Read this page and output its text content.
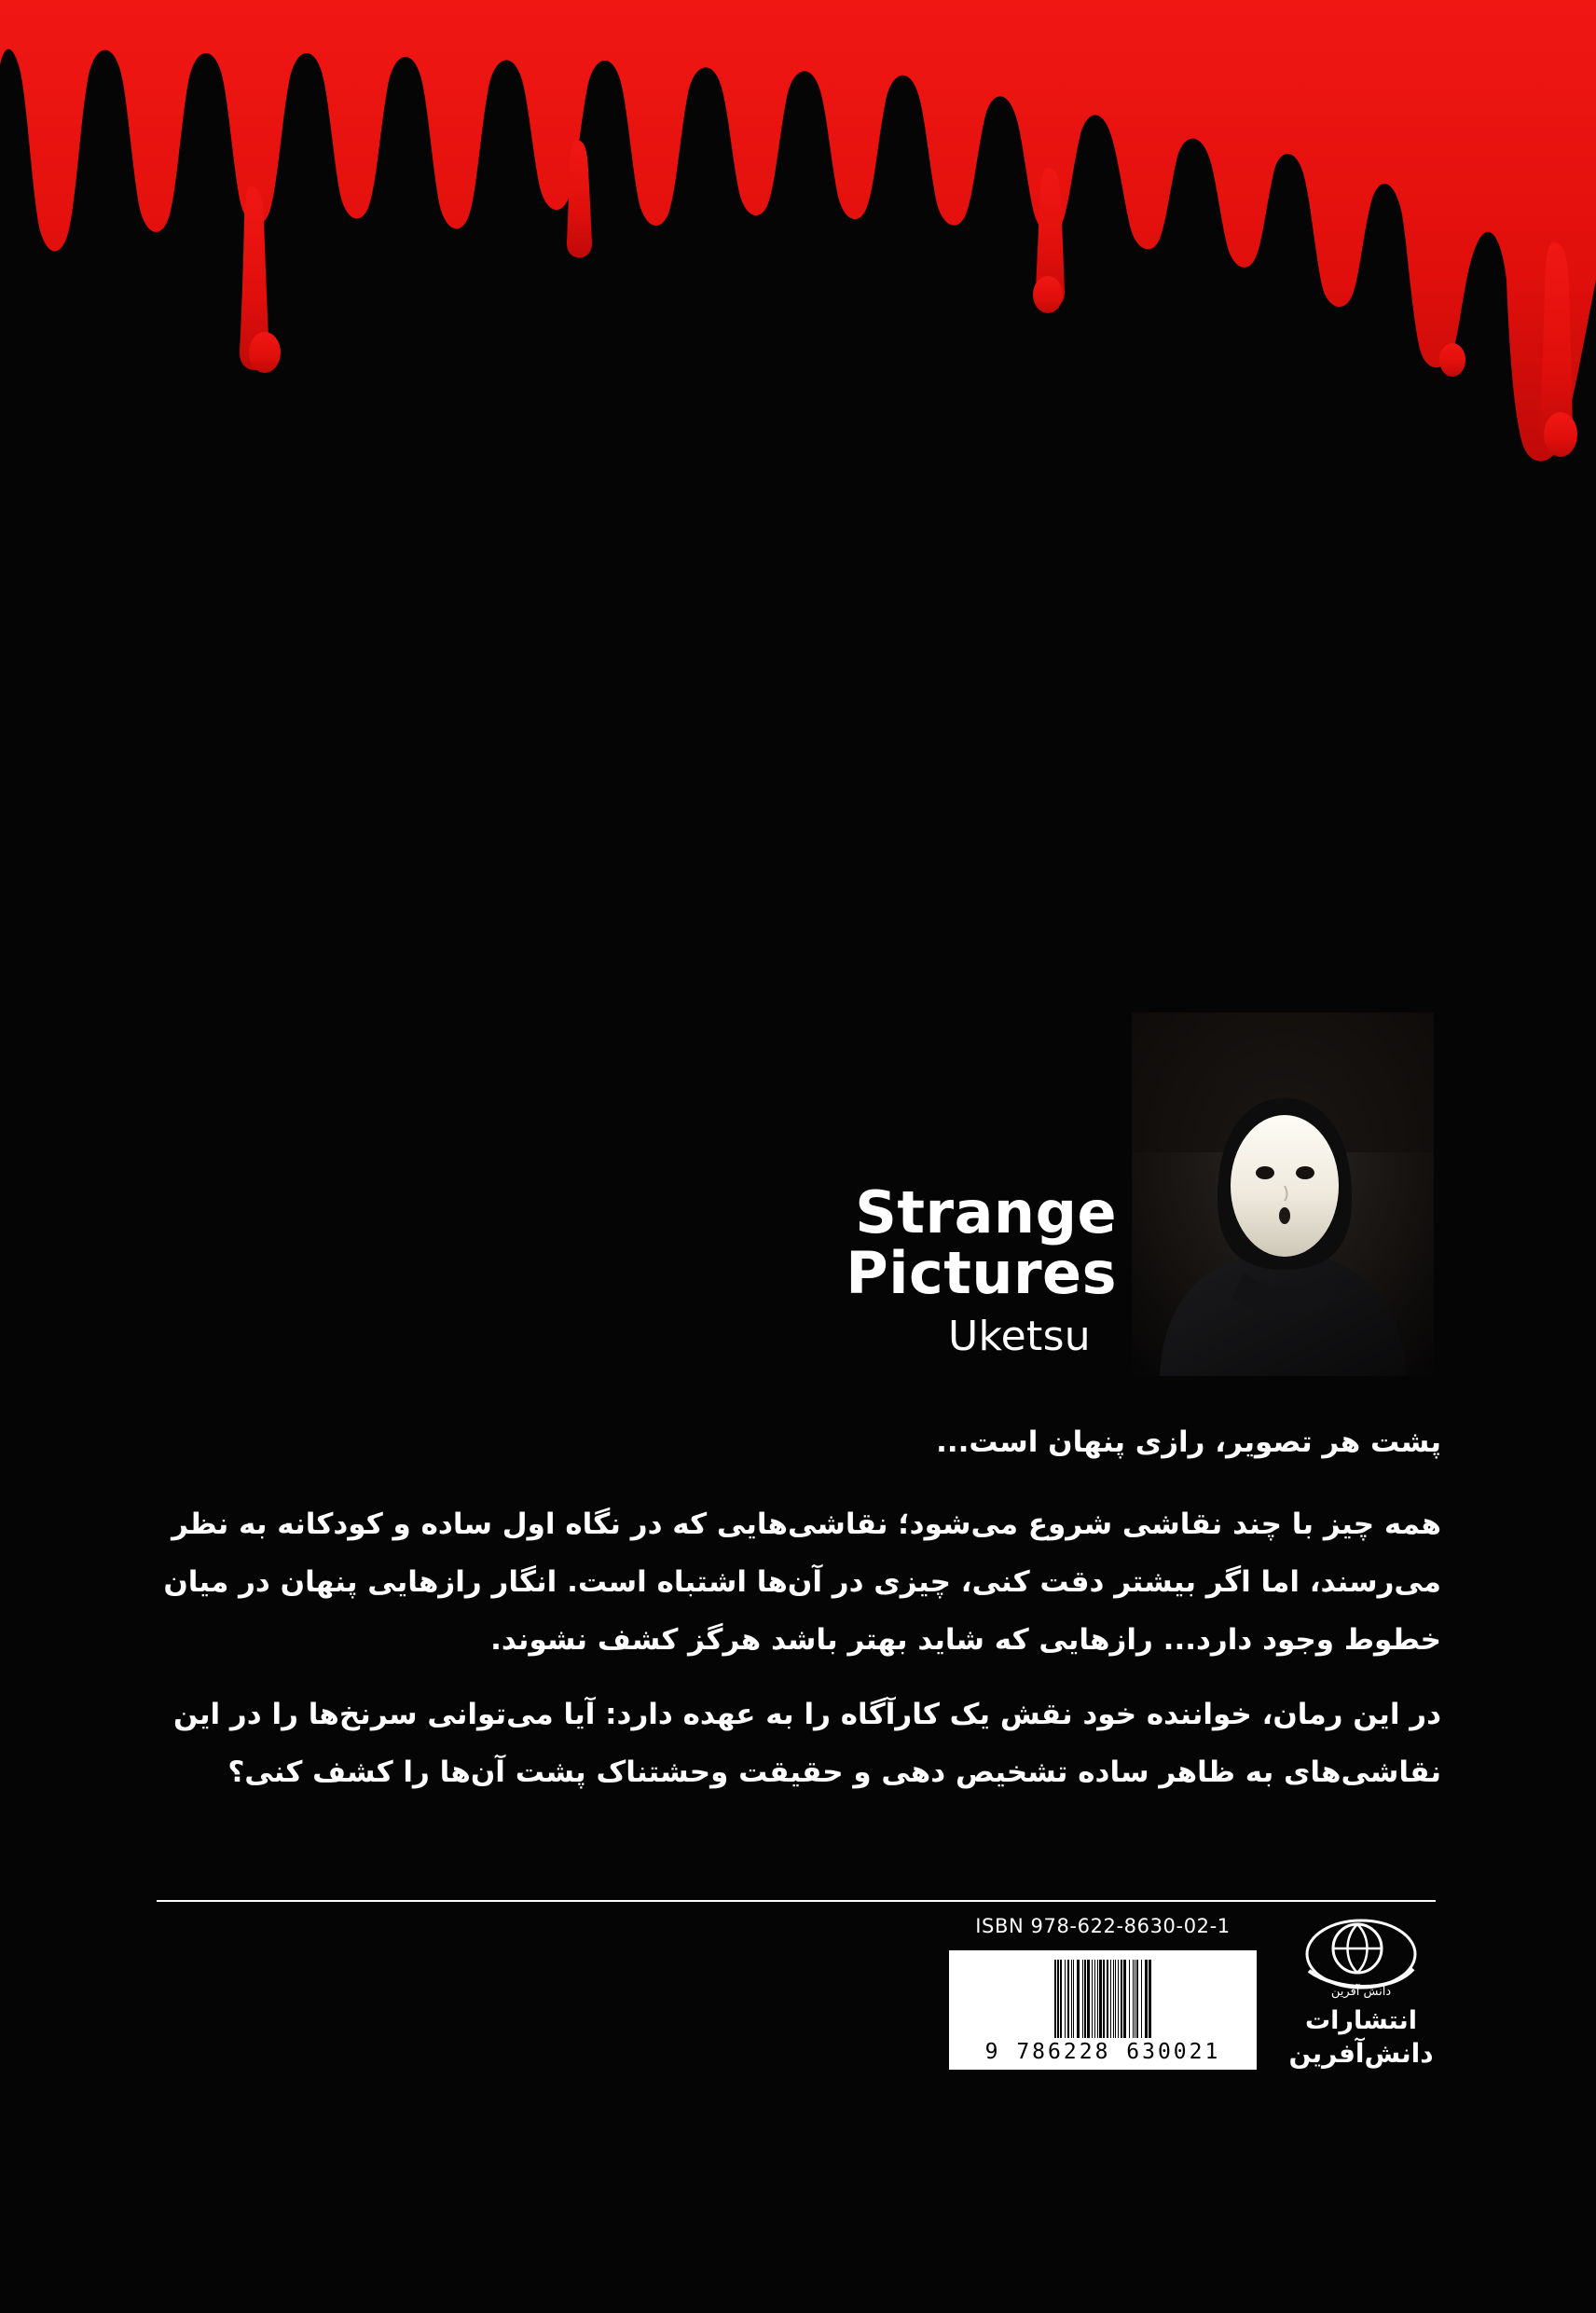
Strange Pictures
Uketsu

پشت هر تصویر، رازی پنهان است...

همه چیز با چند نقاشی شروع می‌شود؛ نقاشی‌هایی که در نگاه اول ساده و کودکانه به نظر می‌رسند، اما اگر بیشتر دقت کنی، چیزی در آن‌ها اشتباه است. انگار رازهایی پنهان در میان خطوط وجود دارد... رازهایی که شاید بهتر باشد هرگز کشف نشوند.

در این رمان، خواننده خود نقش یک کارآگاه را به عهده دارد: آیا می‌توانی سرنخ‌ها را در این نقاشی‌های به ظاهر ساده تشخیص دهی و حقیقت وحشتناک پشت آن‌ها را کشف کنی؟

ISBN 978-622-8630-02-1
9 786228 630021
دانش آفرین
انتشارات
دانش‌آفرین
